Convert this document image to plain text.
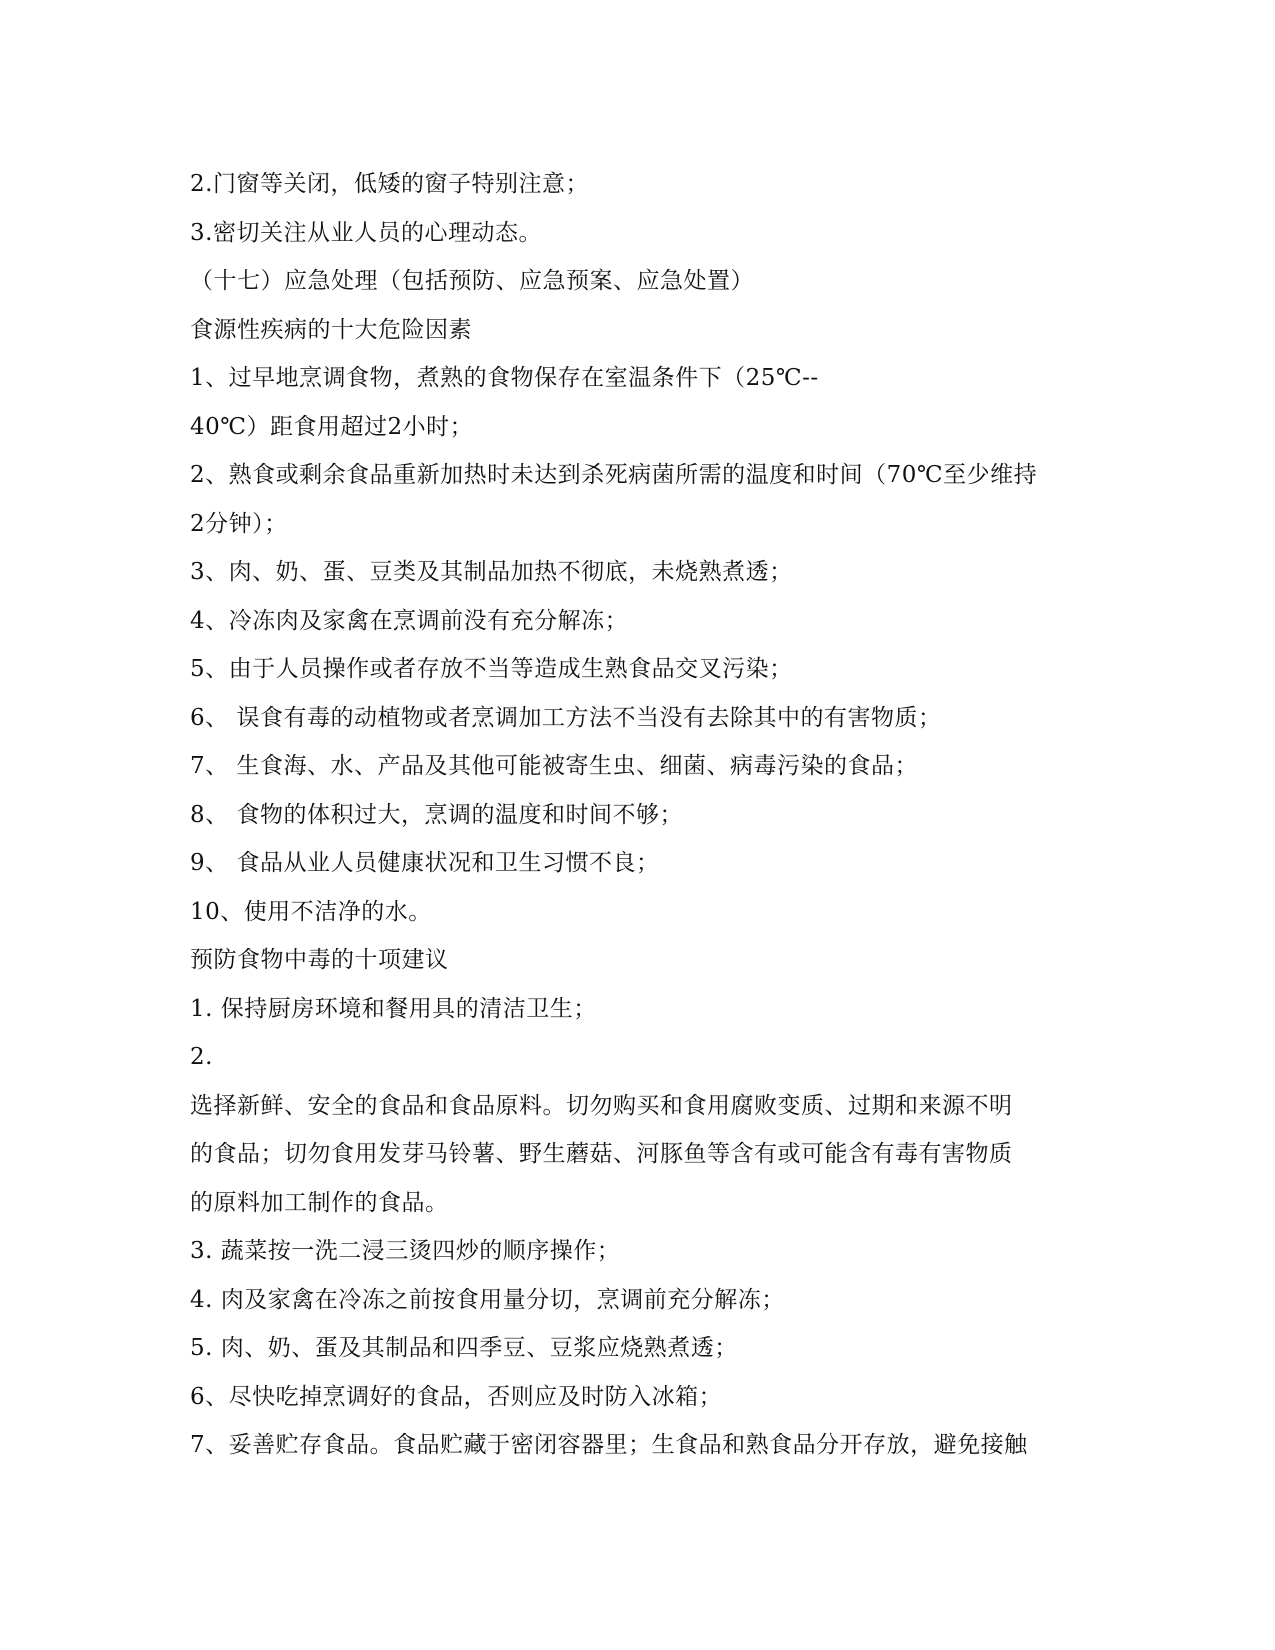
2.门窗等关闭，低矮的窗子特别注意；
3.密切关注从业人员的心理动态。
（十七）应急处理（包括预防、应急预案、应急处置）
食源性疾病的十大危险因素
1、过早地烹调食物，煮熟的食物保存在室温条件下（25℃--
40℃）距食用超过2小时；
2、熟食或剩余食品重新加热时未达到杀死病菌所需的温度和时间（70℃至少维持
2分钟）；
3、肉、奶、蛋、豆类及其制品加热不彻底，未烧熟煮透；
4、冷冻肉及家禽在烹调前没有充分解冻；
5、由于人员操作或者存放不当等造成生熟食品交叉污染；
6、 误食有毒的动植物或者烹调加工方法不当没有去除其中的有害物质；
7、 生食海、水、产品及其他可能被寄生虫、细菌、病毒污染的食品；
8、 食物的体积过大，烹调的温度和时间不够；
9、 食品从业人员健康状况和卫生习惯不良；
10、使用不洁净的水。
预防食物中毒的十项建议
1. 保持厨房环境和餐用具的清洁卫生；
2.
选择新鲜、安全的食品和食品原料。切勿购买和食用腐败变质、过期和来源不明
的食品；切勿食用发芽马铃薯、野生蘑菇、河豚鱼等含有或可能含有毒有害物质
的原料加工制作的食品。
3. 蔬菜按一洗二浸三烫四炒的顺序操作；
4. 肉及家禽在冷冻之前按食用量分切，烹调前充分解冻；
5. 肉、奶、蛋及其制品和四季豆、豆浆应烧熟煮透；
6、尽快吃掉烹调好的食品，否则应及时防入冰箱；
7、妥善贮存食品。食品贮藏于密闭容器里；生食品和熟食品分开存放，避免接触
